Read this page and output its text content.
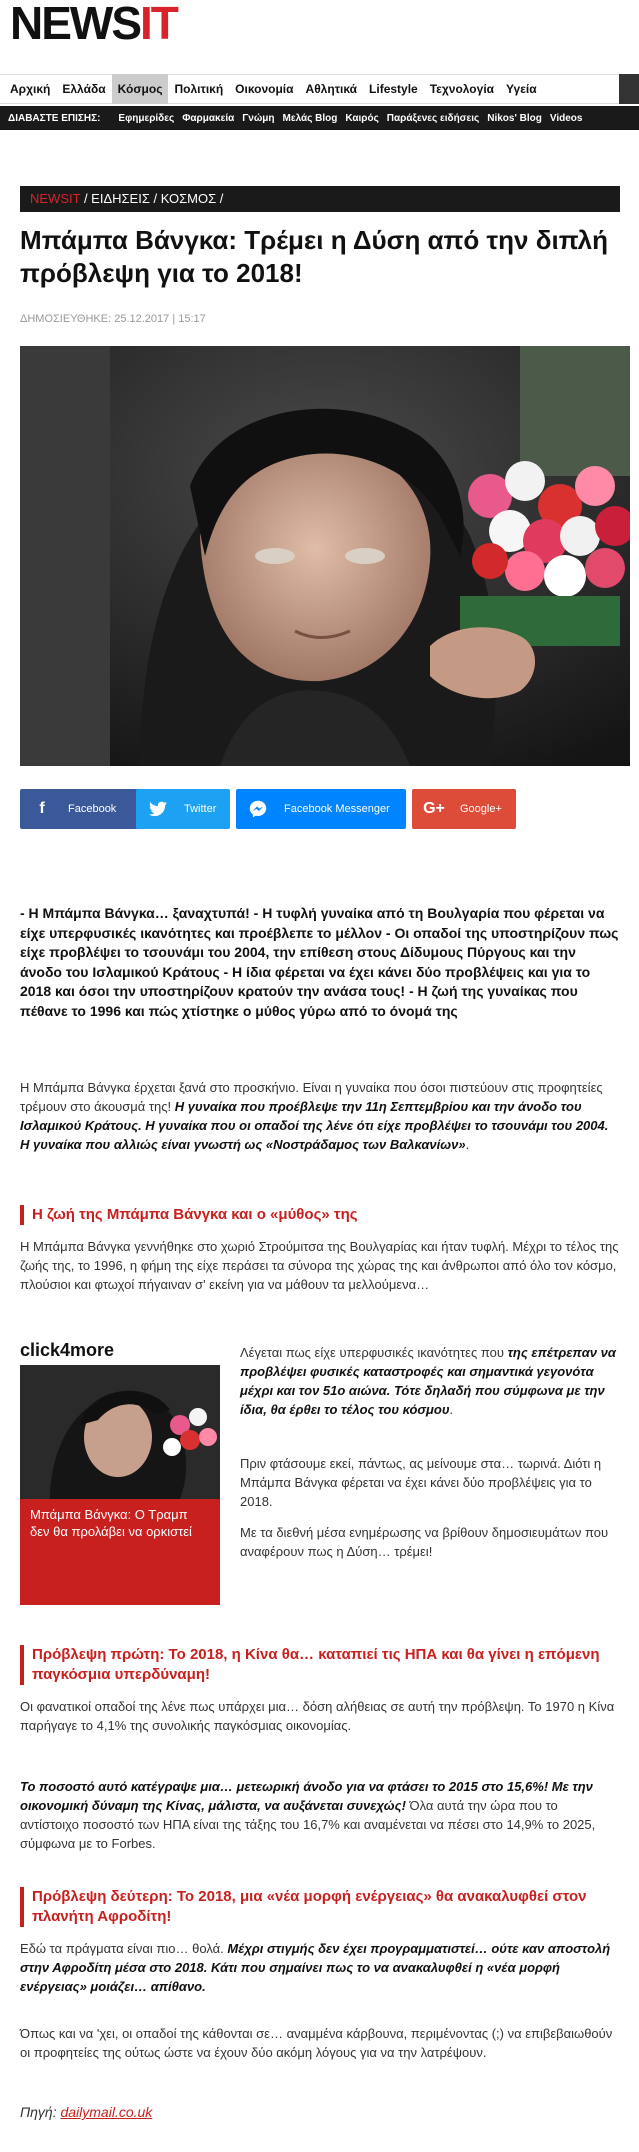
NEWSIT
Αρχική	Ελλάδα	Κόσμος	Πολιτική	Οικονομία	Αθλητικά	Lifestyle	Τεχνολογία	Υγεία
ΔΙΑΒΑΣΤΕ ΕΠΙΣΗΣ: Εφημερίδες Φαρμακεία Γνώμη Μελάς Blog Καιρός Παράξενες ειδήσεις Nikos' Blog Videos
NEWSIT / ΕΙΔΗΣΕΙΣ / ΚΟΣΜΟΣ /
Μπάμπα Βάνγκα: Τρέμει η Δύση από την διπλή πρόβλεψη για το 2018!
ΔΗΜΟΣΙΕΥΘΗΚΕ: 25.12.2017 | 15:17
f	Facebook	Twitter	Facebook Messenger G+ Google+
- Η Μπάμπα Βάνγκα… ξαναχτυπά! - Η τυφλή γυναίκα από τη Βουλγαρία που φέρεται να είχε υπερφυσικές ικανότητες και προέβλεπε το μέλλον - Οι οπαδοί της υποστηρίζουν πως είχε προβλέψει το τσουνάμι του 2004, την επίθεση στους Δίδυμους Πύργους και την άνοδο του Ισλαμικού Κράτους - Η ίδια φέρεται να έχει κάνει δύο προβλέψεις και για το 2018 και όσοι την υποστηρίζουν κρατούν την ανάσα τους! - Η ζωή της γυναίκας που πέθανε το 1996 και πώς χτίστηκε ο μύθος γύρω από το όνομά της
Η Μπάμπα Βάνγκα έρχεται ξανά στο προσκήνιο. Είναι η γυναίκα που όσοι πιστεύουν στις προφητείες τρέμουν στο άκουσμά της! Η γυναίκα που προέβλεψε την 11η Σεπτεμβρίου και την άνοδο του Ισλαμικού Κράτους. Η γυναίκα που οι οπαδοί της λένε ότι είχε προβλέψει το τσουνάμι του 2004. Η γυναίκα που αλλιώς είναι γνωστή ως «Νοστράδαμος των Βαλκανίων».
Η ζωή της Μπάμπα Βάνγκα και ο «μύθος» της
Η Μπάμπα Βάνγκα γεννήθηκε στο χωριό Στρούμιτσα της Βουλγαρίας και ήταν τυφλή. Μέχρι το τέλος της ζωής της, το 1996, η φήμη της είχε περάσει τα σύνορα της χώρας της και άνθρωποι από όλο τον κόσμο, πλούσιοι και φτωχοί πήγαιναν σ' εκείνη για να μάθουν τα μελλούμενα…
click4more
Μπάμπα Βάνγκα: Ο Τραμπ δεν θα προλάβει να ορκιστεί
Λέγεται πως είχε υπερφυσικές ικανότητες που της επέτρεπαν να προβλέψει φυσικές καταστροφές και σημαντικά γεγονότα μέχρι και τον 51ο αιώνα. Τότε δηλαδή που σύμφωνα με την ίδια, θα έρθει το τέλος του κόσμου.
Πριν φτάσουμε εκεί, πάντως, ας μείνουμε στα… τωρινά. Διότι η Μπάμπα Βάνγκα φέρεται να έχει κάνει δύο προβλέψεις για το 2018.
Με τα διεθνή μέσα ενημέρωσης να βρίθουν δημοσιευμάτων που αναφέρουν πως η Δύση… τρέμει!
Πρόβλεψη πρώτη: Το 2018, η Κίνα θα… καταπιεί τις ΗΠΑ και θα γίνει η επόμενη παγκόσμια υπερδύναμη!
Οι φανατικοί οπαδοί της λένε πως υπάρχει μια… δόση αλήθειας σε αυτή την πρόβλεψη. Το 1970 η Κίνα παρήγαγε το 4,1% της συνολικής παγκόσμιας οικονομίας.
Το ποσοστό αυτό κατέγραψε μια… μετεωρική άνοδο για να φτάσει το 2015 στο 15,6%! Με την οικονομική δύναμη της Κίνας, μάλιστα, να αυξάνεται συνεχώς! Όλα αυτά την ώρα που το αντίστοιχο ποσοστό των ΗΠΑ είναι της τάξης του 16,7% και αναμένεται να πέσει στο 14,9% το 2025, σύμφωνα με το Forbes.
Πρόβλεψη δεύτερη: Το 2018, μια «νέα μορφή ενέργειας» θα ανακαλυφθεί στον πλανήτη Αφροδίτη!
Εδώ τα πράγματα είναι πιο… θολά. Μέχρι στιγμής δεν έχει προγραμματιστεί… ούτε καν αποστολή στην Αφροδίτη μέσα στο 2018. Κάτι που σημαίνει πως το να ανακαλυφθεί η «νέα μορφή ενέργειας» μοιάζει… απίθανο.
Όπως και να 'χει, οι οπαδοί της κάθονται σε… αναμμένα κάρβουνα, περιμένοντας (;) να επιβεβαιωθούν οι προφητείες της ούτως ώστε να έχουν δύο ακόμη λόγους για να την λατρέψουν.
Πηγή: dailymail.co.uk
